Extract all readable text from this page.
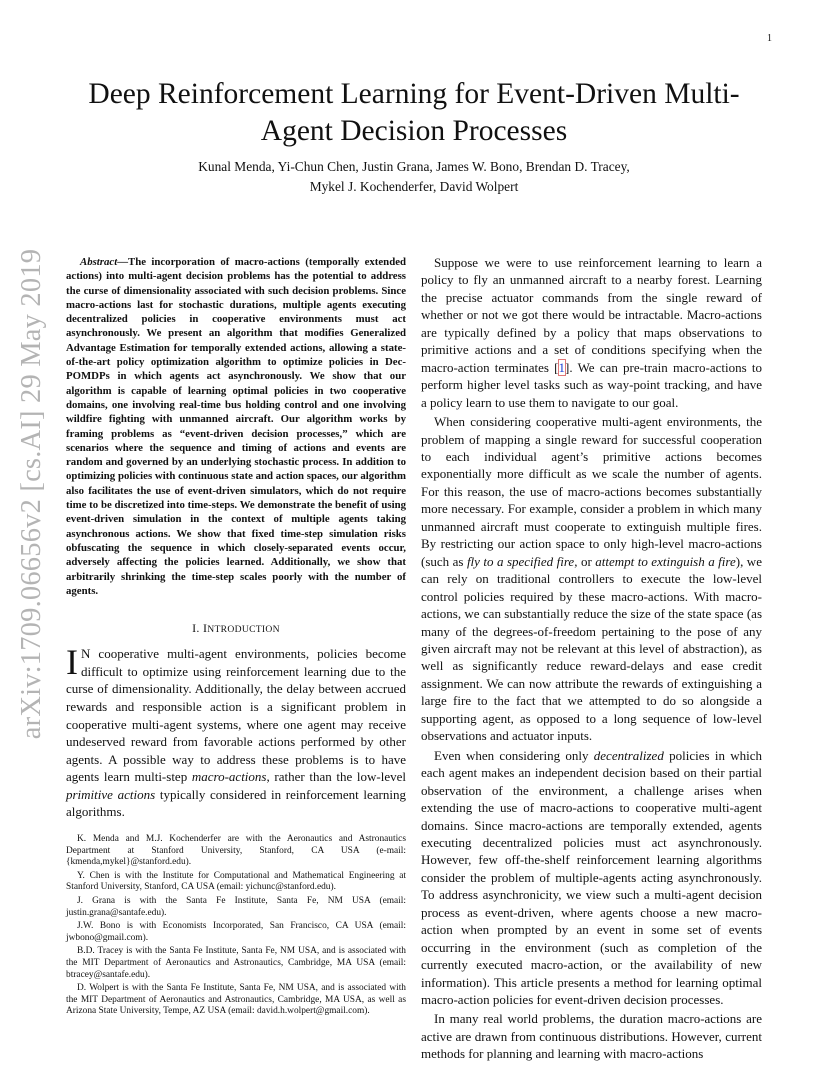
1
arXiv:1709.06656v2 [cs.AI] 29 May 2019
Deep Reinforcement Learning for Event-Driven Multi-Agent Decision Processes
Kunal Menda, Yi-Chun Chen, Justin Grana, James W. Bono, Brendan D. Tracey,
Mykel J. Kochenderfer, David Wolpert

Abstract—The incorporation of macro-actions (temporally extended actions) into multi-agent decision problems has the potential to address the curse of dimensionality associated with such decision problems. Since macro-actions last for stochastic durations, multiple agents executing decentralized policies in cooperative environments must act asynchronously. We present an algorithm that modifies Generalized Advantage Estimation for temporally extended actions, allowing a state-of-the-art policy optimization algorithm to optimize policies in Dec-POMDPs in which agents act asynchronously. We show that our algorithm is capable of learning optimal policies in two cooperative domains, one involving real-time bus holding control and one involving wildfire fighting with unmanned aircraft. Our algorithm works by framing problems as “event-driven decision processes,” which are scenarios where the sequence and timing of actions and events are random and governed by an underlying stochastic process. In addition to optimizing policies with continuous state and action spaces, our algorithm also facilitates the use of event-driven simulators, which do not require time to be discretized into time-steps. We demonstrate the benefit of using event-driven simulation in the context of multiple agents taking asynchronous actions. We show that fixed time-step simulation risks obfuscating the sequence in which closely-separated events occur, adversely affecting the policies learned. Additionally, we show that arbitrarily shrinking the time-step scales poorly with the number of agents.

I. INTRODUCTION

I N cooperative multi-agent environments, policies become difficult to optimize using reinforcement learning due to the curse of dimensionality. Additionally, the delay between accrued rewards and responsible action is a significant problem in cooperative multi-agent systems, where one agent may receive undeserved reward from favorable actions performed by other agents. A possible way to address these problems is to have agents learn multi-step macro-actions, rather than the low-level primitive actions typically considered in reinforcement learning algorithms.

K. Menda and M.J. Kochenderfer are with the Aeronautics and Astronautics Department at Stanford University, Stanford, CA USA (e-mail: {kmenda,mykel}@stanford.edu).

Y. Chen is with the Institute for Computational and Mathematical Engineering at Stanford University, Stanford, CA USA (email: yichunc@stanford.edu).

J. Grana is with the Santa Fe Institute, Santa Fe, NM USA (email: justin.grana@santafe.edu).

J.W. Bono is with Economists Incorporated, San Francisco, CA USA (email: jwbono@gmail.com).

B.D. Tracey is with the Santa Fe Institute, Santa Fe, NM USA, and is associated with the MIT Department of Aeronautics and Astronautics, Cambridge, MA USA (email: btracey@santafe.edu).

D. Wolpert is with the Santa Fe Institute, Santa Fe, NM USA, and is associated with the MIT Department of Aeronautics and Astronautics, Cambridge, MA USA, as well as Arizona State University, Tempe, AZ USA (email: david.h.wolpert@gmail.com).

Suppose we were to use reinforcement learning to learn a policy to fly an unmanned aircraft to a nearby forest. Learning the precise actuator commands from the single reward of whether or not we got there would be intractable. Macro-actions are typically defined by a policy that maps observations to primitive actions and a set of conditions specifying when the macro-action terminates [ 1 ] . We can pre-train macro-actions to perform higher level tasks such as way-point tracking, and have a policy learn to use them to navigate to our goal.

When considering cooperative multi-agent environments, the problem of mapping a single reward for successful cooperation to each individual agent’s primitive actions becomes exponentially more difficult as we scale the number of agents. For this reason, the use of macro-actions becomes substantially more necessary. For example, consider a problem in which many unmanned aircraft must cooperate to extinguish multiple fires. By restricting our action space to only high-level macro-actions (such as fly to a specified fire, or attempt to extinguish a fire), we can rely on traditional controllers to execute the low-level control policies required by these macro-actions. With macro-actions, we can substantially reduce the size of the state space (as many of the degrees-of-freedom pertaining to the pose of any given aircraft may not be relevant at this level of abstraction), as well as significantly reduce reward-delays and ease credit assignment. We can now attribute the rewards of extinguishing a large fire to the fact that we attempted to do so alongside a supporting agent, as opposed to a long sequence of low-level observations and actuator inputs.

Even when considering only decentralized policies in which each agent makes an independent decision based on their partial observation of the environment, a challenge arises when extending the use of macro-actions to cooperative multi-agent domains. Since macro-actions are temporally extended, agents executing decentralized policies must act asynchronously. However, few off-the-shelf reinforcement learning algorithms consider the problem of multiple-agents acting asynchronously. To address asynchronicity, we view such a multi-agent decision process as event-driven, where agents choose a new macro-action when prompted by an event in some set of events occurring in the environment (such as completion of the currently executed macro-action, or the availability of new information). This article presents a method for learning optimal macro-action policies for event-driven decision processes.

In many real world problems, the duration macro-actions are active are drawn from continuous distributions. However, current methods for planning and learning with macro-actions
